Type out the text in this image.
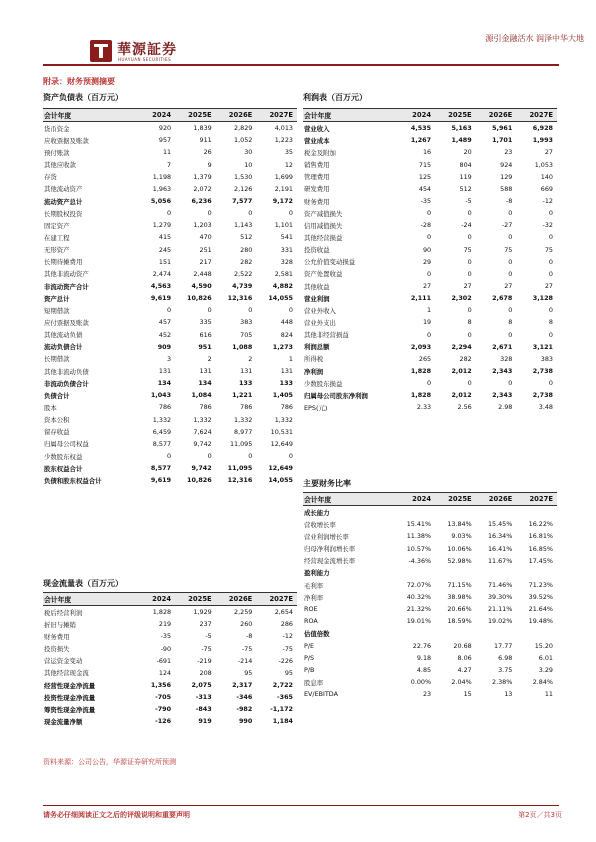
華源証券
HUAYUAN SECURITIES
源引金融活水 润泽中华大地
附录：财务预测摘要
资产负债表（百万元）
会计年度	2024	2025E	2026E	2027E
货币资金	920	1,839	2,829	4,013
应收票据及账款	957	911	1,052	1,223
预付账款	11	26	30	35
其他应收款	7	9	10	12
存货	1,198	1,379	1,530	1,699
其他流动资产	1,963	2,072	2,126	2,191
流动资产总计	5,056	6,236	7,577	9,172
长期股权投资	0	0	0	0
固定资产	1,279	1,203	1,143	1,101
在建工程	415	470	512	541
无形资产	245	251	280	331
长期待摊费用	151	217	282	328
其他非流动资产	2,474	2,448	2,522	2,581
非流动资产合计	4,563	4,590	4,739	4,882
资产总计	9,619	10,826	12,316	14,055
短期借款	0	0	0	0
应付票据及账款	457	335	383	448
其他流动负债	452	616	705	824
流动负债合计	909	951	1,088	1,273
长期借款	3	2	2	1
其他非流动负债	131	131	131	131
非流动负债合计	134	134	133	133
负债合计	1,043	1,084	1,221	1,405
股本	786	786	786	786
资本公积	1,332	1,332	1,332	1,332
留存收益	6,459	7,624	8,977	10,531
归属母公司权益	8,577	9,742	11,095	12,649
少数股东权益	0	0	0	0
股东权益合计	8,577	9,742	11,095	12,649
负债和股东权益合计	9,619	10,826	12,316	14,055
利润表（百万元）
会计年度	2024	2025E	2026E	2027E
营业收入	4,535	5,163	5,961	6,928
营业成本	1,267	1,489	1,701	1,993
税金及附加	16	20	23	27
销售费用	715	804	924	1,053
管理费用	125	119	129	140
研发费用	454	512	588	669
财务费用	-35	-5	-8	-12
资产减值损失	0	0	0	0
信用减值损失	-28	-24	-27	-32
其他经营损益	0	0	0	0
投资收益	90	75	75	75
公允价值变动损益	29	0	0	0
资产处置收益	0	0	0	0
其他收益	27	27	27	27
营业利润	2,111	2,302	2,678	3,128
营业外收入	1	0	0	0
营业外支出	19	8	8	8
其他非经营损益	0	0	0	0
利润总额	2,093	2,294	2,671	3,121
所得税	265	282	328	383
净利润	1,828	2,012	2,343	2,738
少数股东损益	0	0	0	0
归属母公司股东净利润	1,828	2,012	2,343	2,738
EPS(元)	2.33	2.56	2.98	3.48
主要财务比率
会计年度	2024	2025E	2026E	2027E
成长能力				
营收增长率	15.41%	13.84%	15.45%	16.22%
营业利润增长率	11.38%	9.03%	16.34%	16.81%
归母净利润增长率	10.57%	10.06%	16.41%	16.85%
经营现金流增长率	-4.36%	52.98%	11.67%	17.45%
盈利能力				
毛利率	72.07%	71.15%	71.46%	71.23%
净利率	40.32%	38.98%	39.30%	39.52%
ROE	21.32%	20.66%	21.11%	21.64%
ROA	19.01%	18.59%	19.02%	19.48%
估值倍数				
P/E	22.76	20.68	17.77	15.20
P/S	9.18	8.06	6.98	6.01
P/B	4.85	4.27	3.75	3.29
股息率	0.00%	2.04%	2.38%	2.84%
EV/EBITDA	23	15	13	11
现金流量表（百万元）
会计年度	2024	2025E	2026E	2027E
税后经营利润	1,828	1,929	2,259	2,654
折旧与摊销	219	237	260	286
财务费用	-35	-5	-8	-12
投资损失	-90	-75	-75	-75
营运资金变动	-691	-219	-214	-226
其他经营现金流	124	208	95	95
经营性现金净流量	1,356	2,075	2,317	2,722
投资性现金净流量	-705	-313	-346	-365
筹资性现金净流量	-790	-843	-982	-1,172
现金流量净额	-126	919	990	1,184
资料来源：公司公告，华源证券研究所预测
请务必仔细阅读正文之后的评级说明和重要声明	第2页／共3页
